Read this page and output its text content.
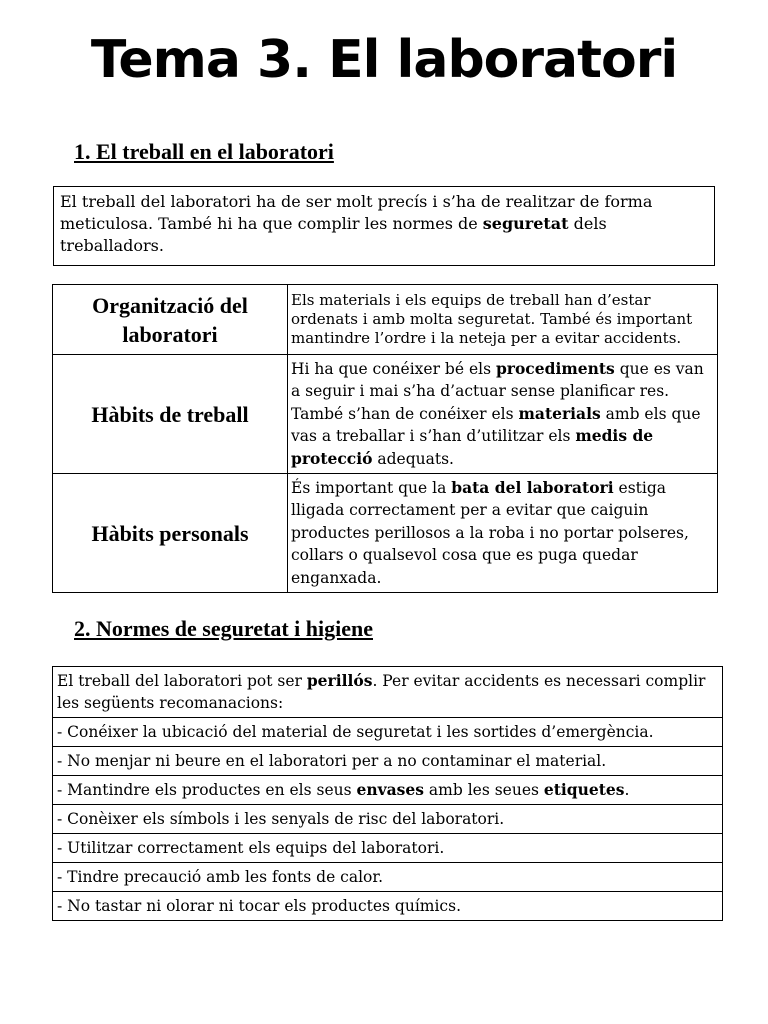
Tema 3. El laboratori
1. El treball en el laboratori
El treball del laboratori ha de ser molt precís i s’ha de realitzar de forma meticulosa. També hi ha que complir les normes de seguretat dels treballadors.
Organització del laboratori	Els materials i els equips de treball han d’estar ordenats i amb molta seguretat. També és important mantindre l’ordre i la neteja per a evitar accidents.
Hàbits de treball	Hi ha que conéixer bé els procediments que es van a seguir i mai s’ha d’actuar sense planificar res. També s’han de conéixer els materials amb els que vas a treballar i s’han d’utilitzar els medis de protecció adequats.
Hàbits personals	És important que la bata del laboratori estiga lligada correctament per a evitar que caiguin productes perillosos a la roba i no portar polseres, collars o qualsevol cosa que es puga quedar enganxada.
2. Normes de seguretat i higiene
El treball del laboratori pot ser perillós. Per evitar accidents es necessari complir les següents recomanacions:
- Conéixer la ubicació del material de seguretat i les sortides d’emergència.
- No menjar ni beure en el laboratori per a no contaminar el material.
- Mantindre els productes en els seus envases amb les seues etiquetes.
- Conèixer els símbols i les senyals de risc del laboratori.
- Utilitzar correctament els equips del laboratori.
- Tindre precaució amb les fonts de calor.
- No tastar ni olorar ni tocar els productes químics.
